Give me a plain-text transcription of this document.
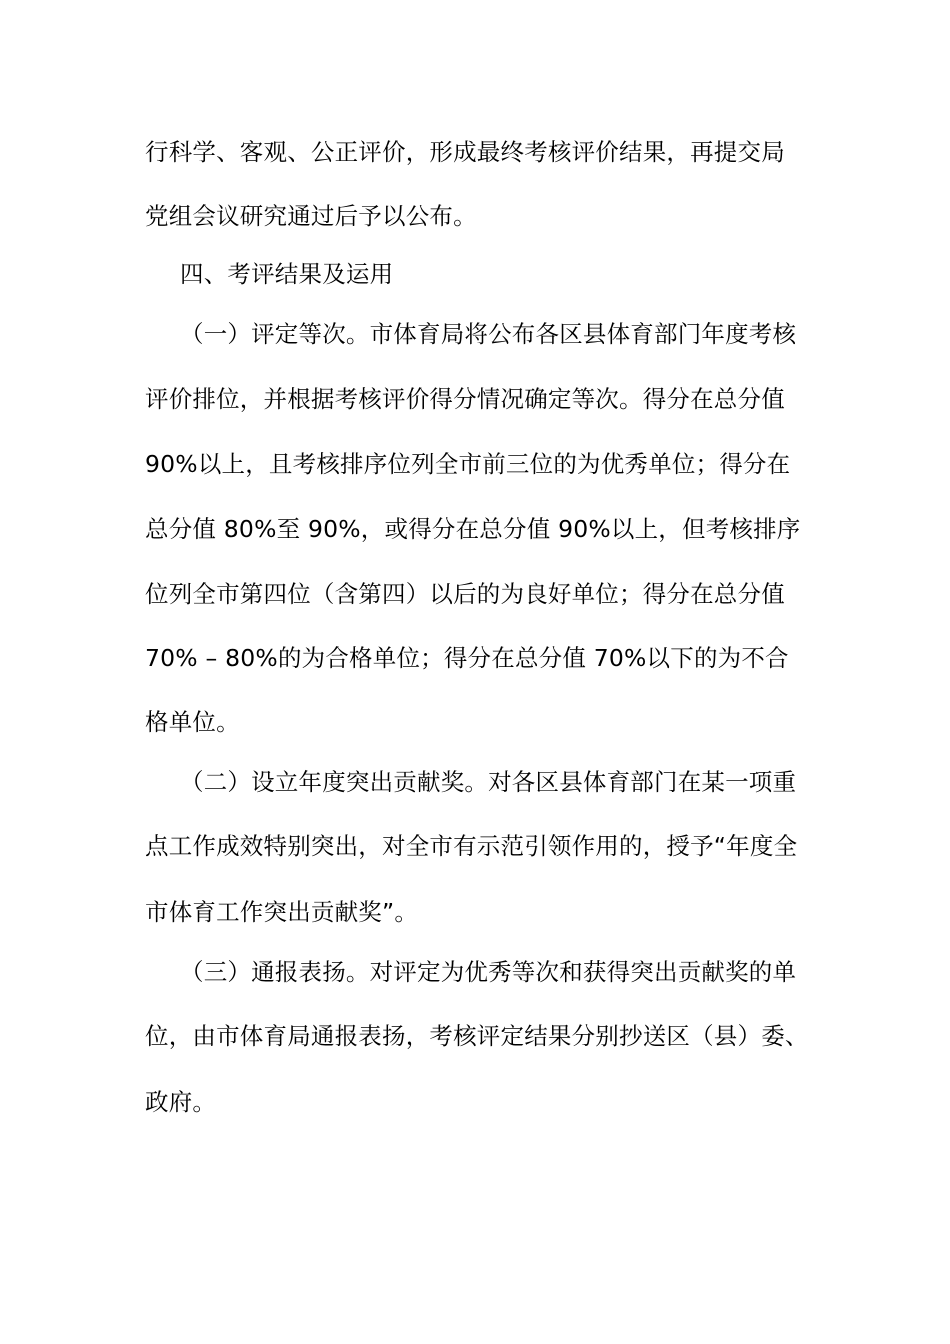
行科学、客观、公正评价，形成最终考核评价结果，再提交局
党组会议研究通过后予以公布。
四、考评结果及运用
（一）评定等次。市体育局将公布各区县体育部门年度考核
评价排位，并根据考核评价得分情况确定等次。得分在总分值
90%以上，且考核排序位列全市前三位的为优秀单位；得分在
总分值 80%至 90%，或得分在总分值 90%以上，但考核排序
位列全市第四位（含第四）以后的为良好单位；得分在总分值
70% – 80%的为合格单位；得分在总分值 70%以下的为不合
格单位。
（二）设立年度突出贡献奖。对各区县体育部门在某一项重
点工作成效特别突出，对全市有示范引领作用的，授予“年度全
市体育工作突出贡献奖”。
（三）通报表扬。对评定为优秀等次和获得突出贡献奖的单
位，由市体育局通报表扬，考核评定结果分别抄送区（县）委、
政府。
